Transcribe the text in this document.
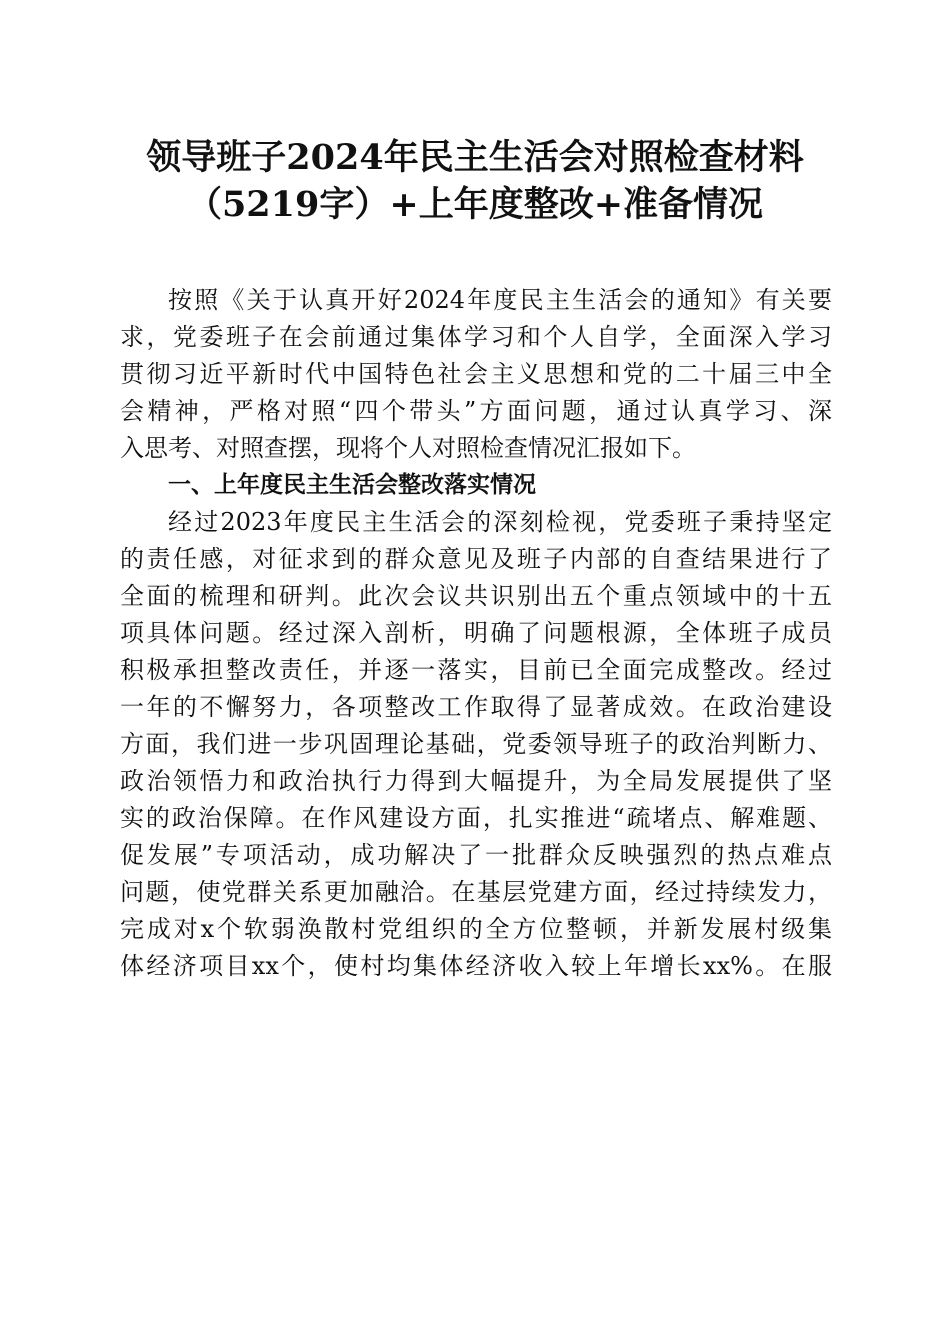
领导班子2024年民主生活会对照检查材料
（5219字）+上年度整改+准备情况
按照《关于认真开好2024年度民主生活会的通知》有关要
求，党委班子在会前通过集体学习和个人自学，全面深入学习
贯彻习近平新时代中国特色社会主义思想和党的二十届三中全
会精神，严格对照“四个带头”方面问题，通过认真学习、深
入思考、对照查摆，现将个人对照检查情况汇报如下。
一、上年度民主生活会整改落实情况
经过2023年度民主生活会的深刻检视，党委班子秉持坚定
的责任感，对征求到的群众意见及班子内部的自查结果进行了
全面的梳理和研判。此次会议共识别出五个重点领域中的十五
项具体问题。经过深入剖析，明确了问题根源，全体班子成员
积极承担整改责任，并逐一落实，目前已全面完成整改。经过
一年的不懈努力，各项整改工作取得了显著成效。在政治建设
方面，我们进一步巩固理论基础，党委领导班子的政治判断力、
政治领悟力和政治执行力得到大幅提升，为全局发展提供了坚
实的政治保障。在作风建设方面，扎实推进“疏堵点、解难题、
促发展”专项活动，成功解决了一批群众反映强烈的热点难点
问题，使党群关系更加融洽。在基层党建方面，经过持续发力，
完成对x个软弱涣散村党组织的全方位整顿，并新发展村级集
体经济项目xx个，使村均集体经济收入较上年增长xx%。在服
